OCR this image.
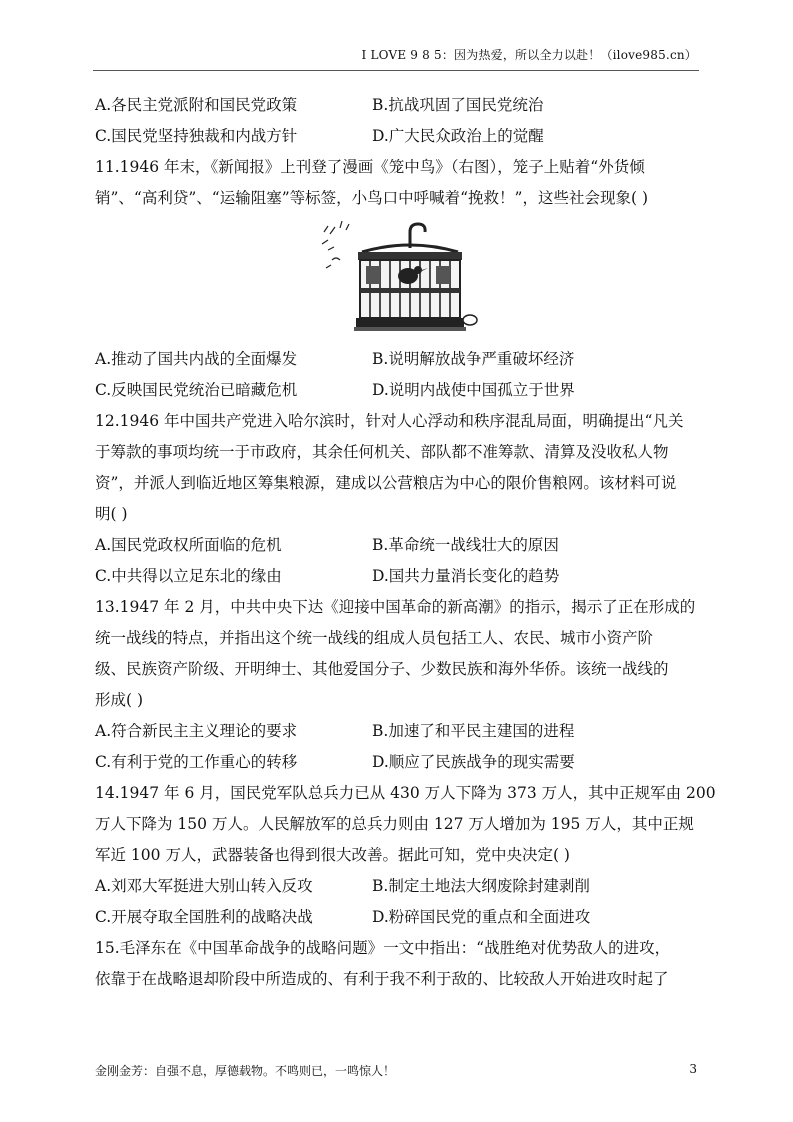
I LOVE 9 8 5：因为热爱，所以全力以赴！（ilove985.cn）
A.各民主党派附和国民党政策	B.抗战巩固了国民党统治
C.国民党坚持独裁和内战方针	D.广大民众政治上的觉醒
11.1946 年末，《新闻报》上刊登了漫画《笼中鸟》（右图），笼子上贴着“外货倾
销”、“高利贷”、“运输阻塞”等标签，小鸟口中呼喊着“挽救！”，这些社会现象( )
A.推动了国共内战的全面爆发	B.说明解放战争严重破坏经济
C.反映国民党统治已暗藏危机	D.说明内战使中国孤立于世界
12.1946 年中国共产党进入哈尔滨时，针对人心浮动和秩序混乱局面，明确提出“凡关
于筹款的事项均统一于市政府，其余任何机关、部队都不准筹款、清算及没收私人物
资”，并派人到临近地区筹集粮源，建成以公营粮店为中心的限价售粮网。该材料可说
明( )
A.国民党政权所面临的危机	B.革命统一战线壮大的原因
C.中共得以立足东北的缘由	D.国共力量消长变化的趋势
13.1947 年 2 月，中共中央下达《迎接中国革命的新高潮》的指示，揭示了正在形成的
统一战线的特点，并指出这个统一战线的组成人员包括工人、农民、城市小资产阶
级、民族资产阶级、开明绅士、其他爱国分子、少数民族和海外华侨。该统一战线的
形成( )
A.符合新民主主义理论的要求	B.加速了和平民主建国的进程
C.有利于党的工作重心的转移	D.顺应了民族战争的现实需要
14.1947 年 6 月，国民党军队总兵力已从 430 万人下降为 373 万人，其中正规军由 200
万人下降为 150 万人。人民解放军的总兵力则由 127 万人增加为 195 万人，其中正规
军近 100 万人，武器装备也得到很大改善。据此可知，党中央决定( )
A.刘邓大军挺进大别山转入反攻	B.制定土地法大纲废除封建剥削
C.开展夺取全国胜利的战略决战	D.粉碎国民党的重点和全面进攻
15.毛泽东在《中国革命战争的战略问题》一文中指出：“战胜绝对优势敌人的进攻，
依靠于在战略退却阶段中所造成的、有利于我不利于敌的、比较敌人开始进攻时起了
金刚金芳：自强不息，厚德载物。不鸣则已，一鸣惊人！	3
